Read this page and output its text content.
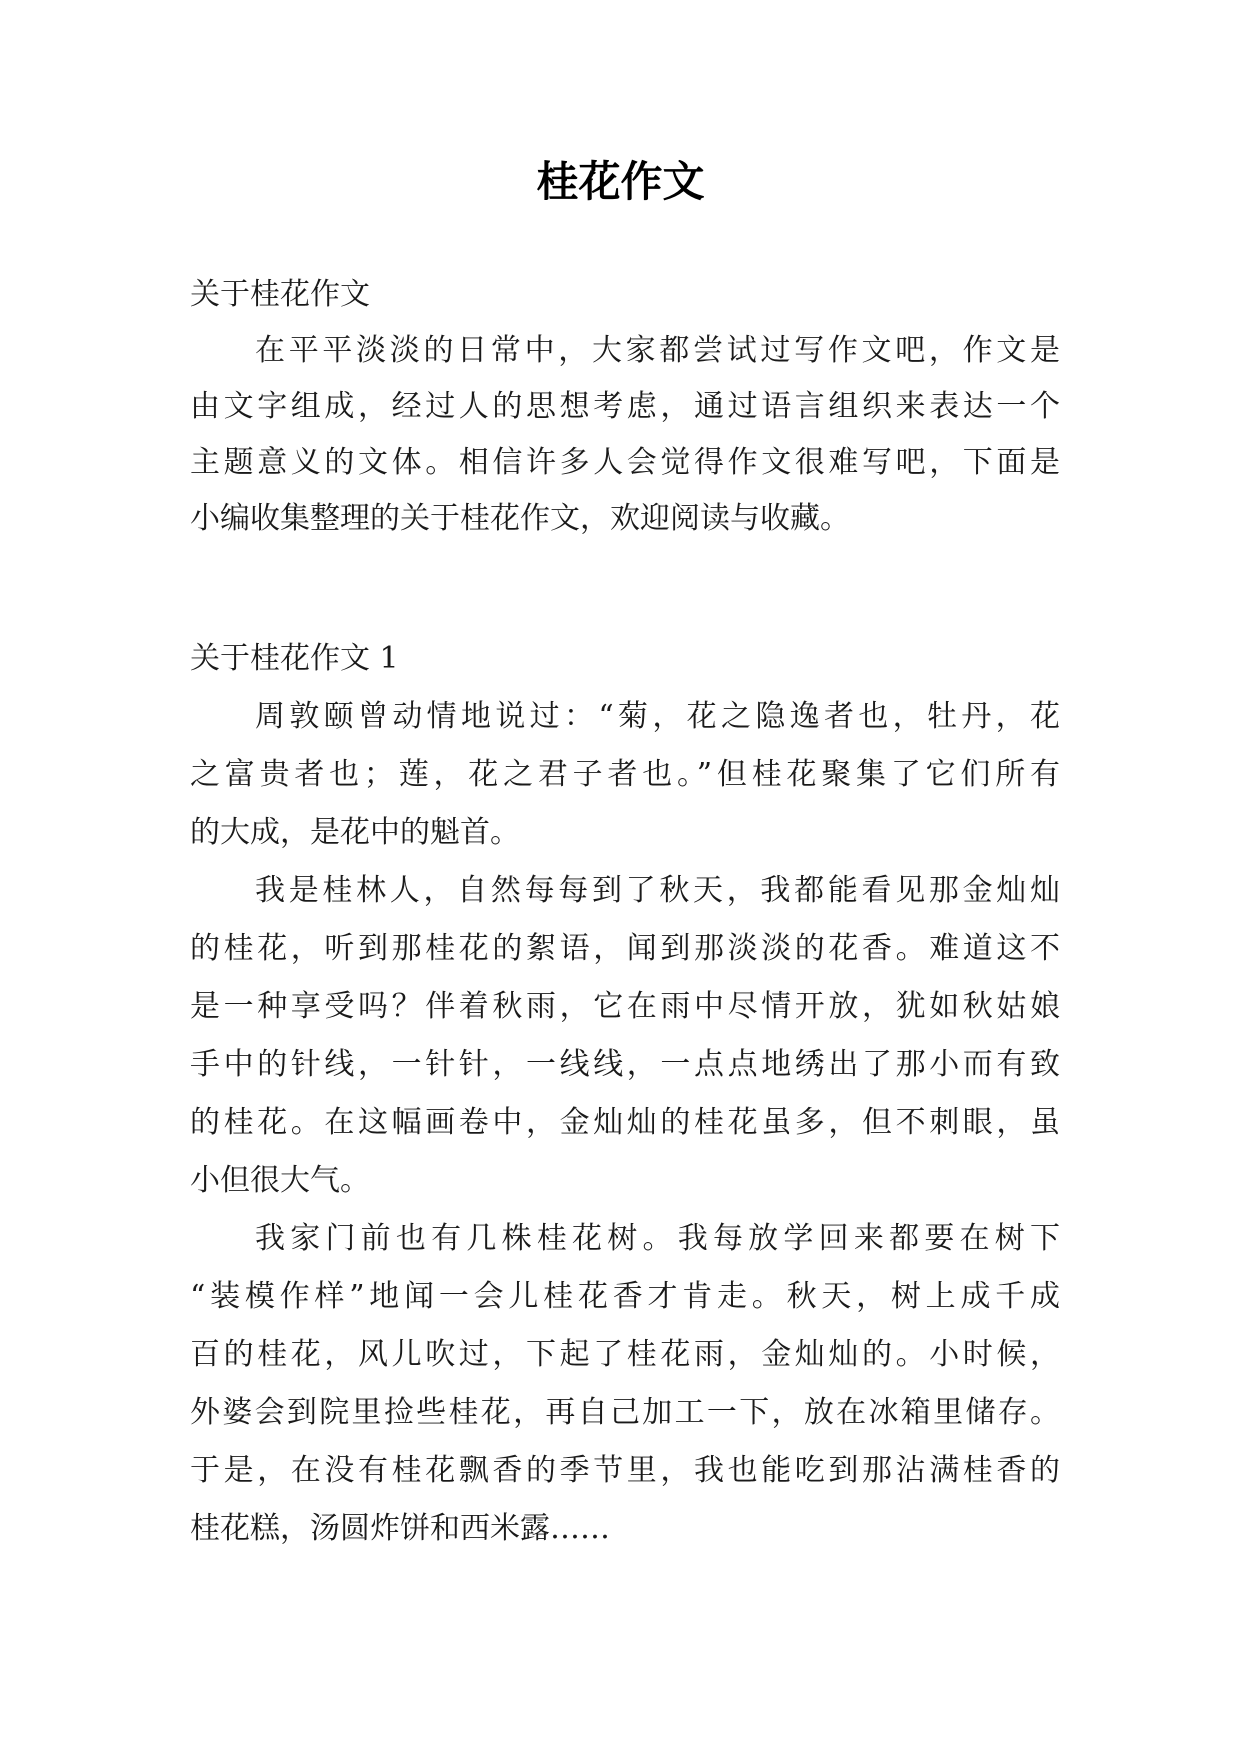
桂花作文

关于桂花作文

在平平淡淡的日常中，大家都尝试过写作文吧，作文是

由文字组成，经过人的思想考虑，通过语言组织来表达一个

主题意义的文体。相信许多人会觉得作文很难写吧，下面是

小编收集整理的关于桂花作文，欢迎阅读与收藏。

关于桂花作文 1

周敦颐曾动情地说过：“菊，花之隐逸者也，牡丹，花

之富贵者也；莲，花之君子者也。”但桂花聚集了它们所有

的大成，是花中的魁首。

我是桂林人，自然每每到了秋天，我都能看见那金灿灿

的桂花，听到那桂花的絮语，闻到那淡淡的花香。难道这不

是一种享受吗？伴着秋雨，它在雨中尽情开放，犹如秋姑娘

手中的针线，一针针，一线线，一点点地绣出了那小而有致

的桂花。在这幅画卷中，金灿灿的桂花虽多，但不刺眼，虽

小但很大气。

我家门前也有几株桂花树。我每放学回来都要在树下

“装模作样”地闻一会儿桂花香才肯走。秋天，树上成千成

百的桂花，风儿吹过，下起了桂花雨，金灿灿的。小时候，

外婆会到院里捡些桂花，再自己加工一下，放在冰箱里储存。

于是，在没有桂花飘香的季节里，我也能吃到那沾满桂香的

桂花糕，汤圆炸饼和西米露……
